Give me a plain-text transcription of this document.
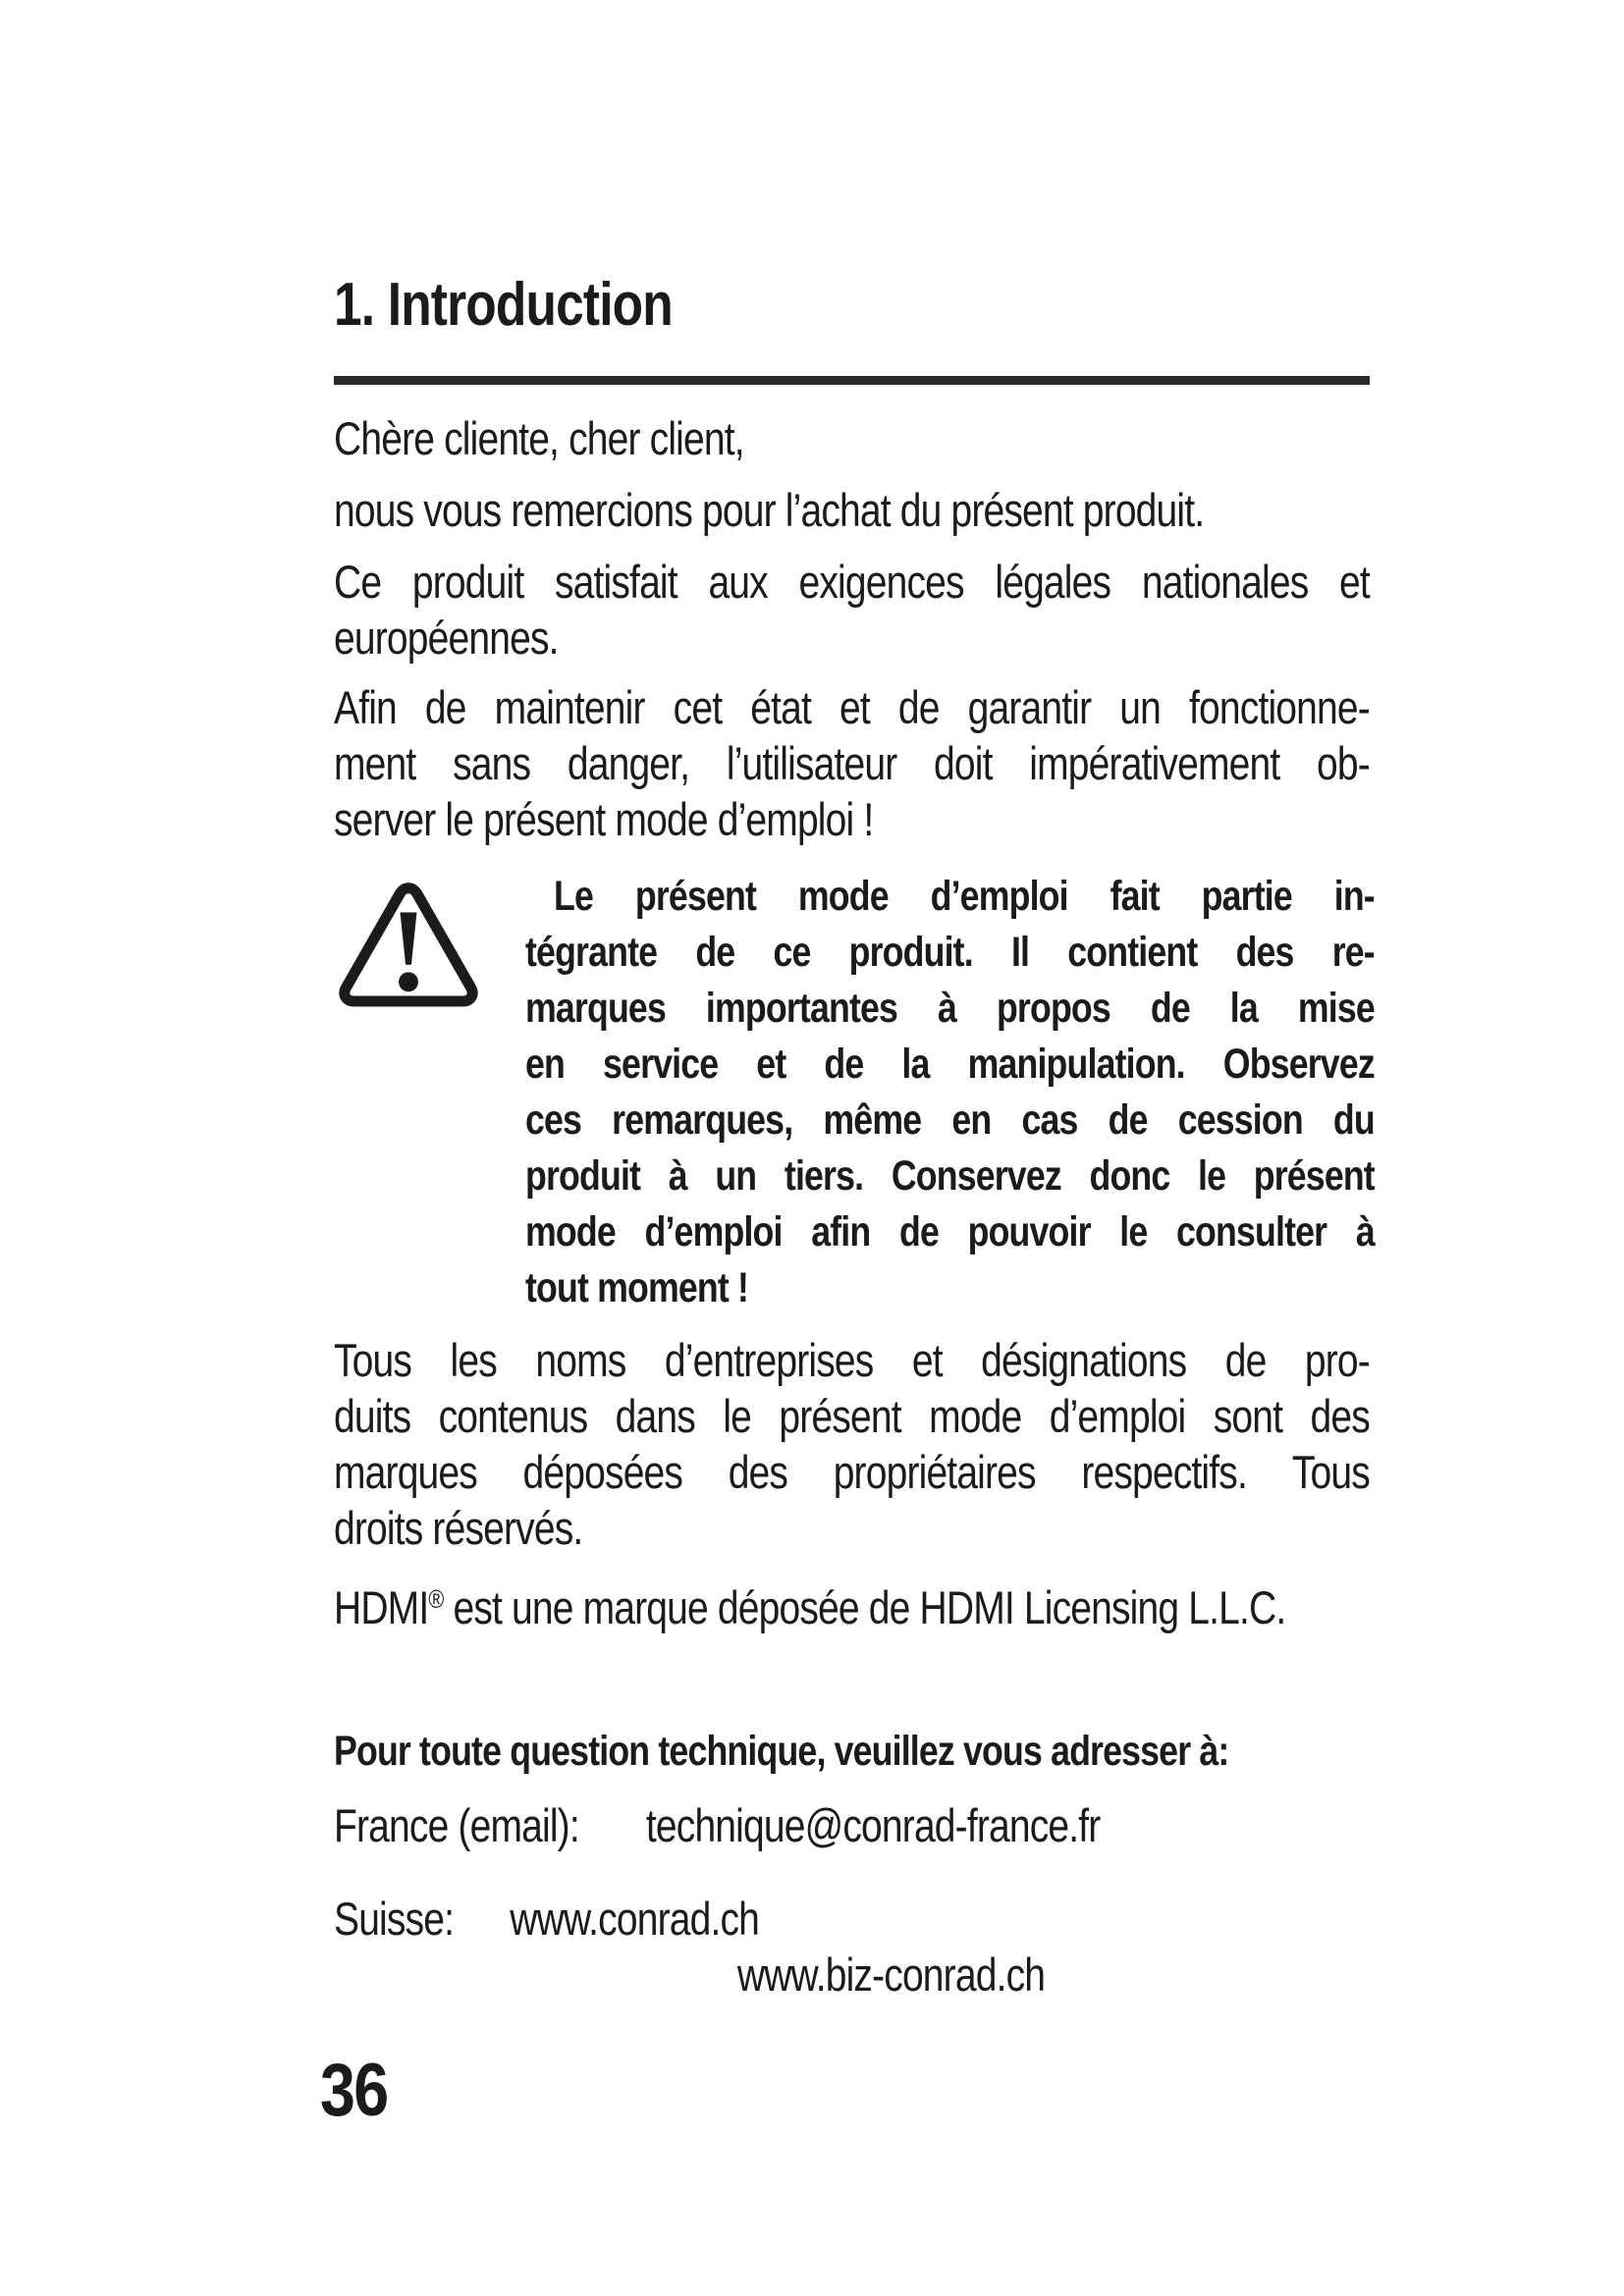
1. Introduction
Chère cliente, cher client,
nous vous remercions pour l’achat du présent produit.
Ce produit satisfait aux exigences légales nationales et
européennes.
Afin de maintenir cet état et de garantir un fonctionne-
ment sans danger, l’utilisateur doit impérativement ob-
server le présent mode d’emploi !
Le présent mode d’emploi fait partie in-
tégrante de ce produit. Il contient des re-
marques importantes à propos de la mise
en service et de la manipulation. Observez
ces remarques, même en cas de cession du
produit à un tiers. Conservez donc le présent
mode d’emploi afin de pouvoir le consulter à
tout moment !
Tous les noms d’entreprises et désignations de pro-
duits contenus dans le présent mode d’emploi sont des
marques déposées des propriétaires respectifs. Tous
droits réservés.
HDMI® est une marque déposée de HDMI Licensing L.L.C.
Pour toute question technique, veuillez vous adresser à:
France (email): technique@conrad-france.fr
Suisse: www.conrad.ch
www.biz-conrad.ch
36
